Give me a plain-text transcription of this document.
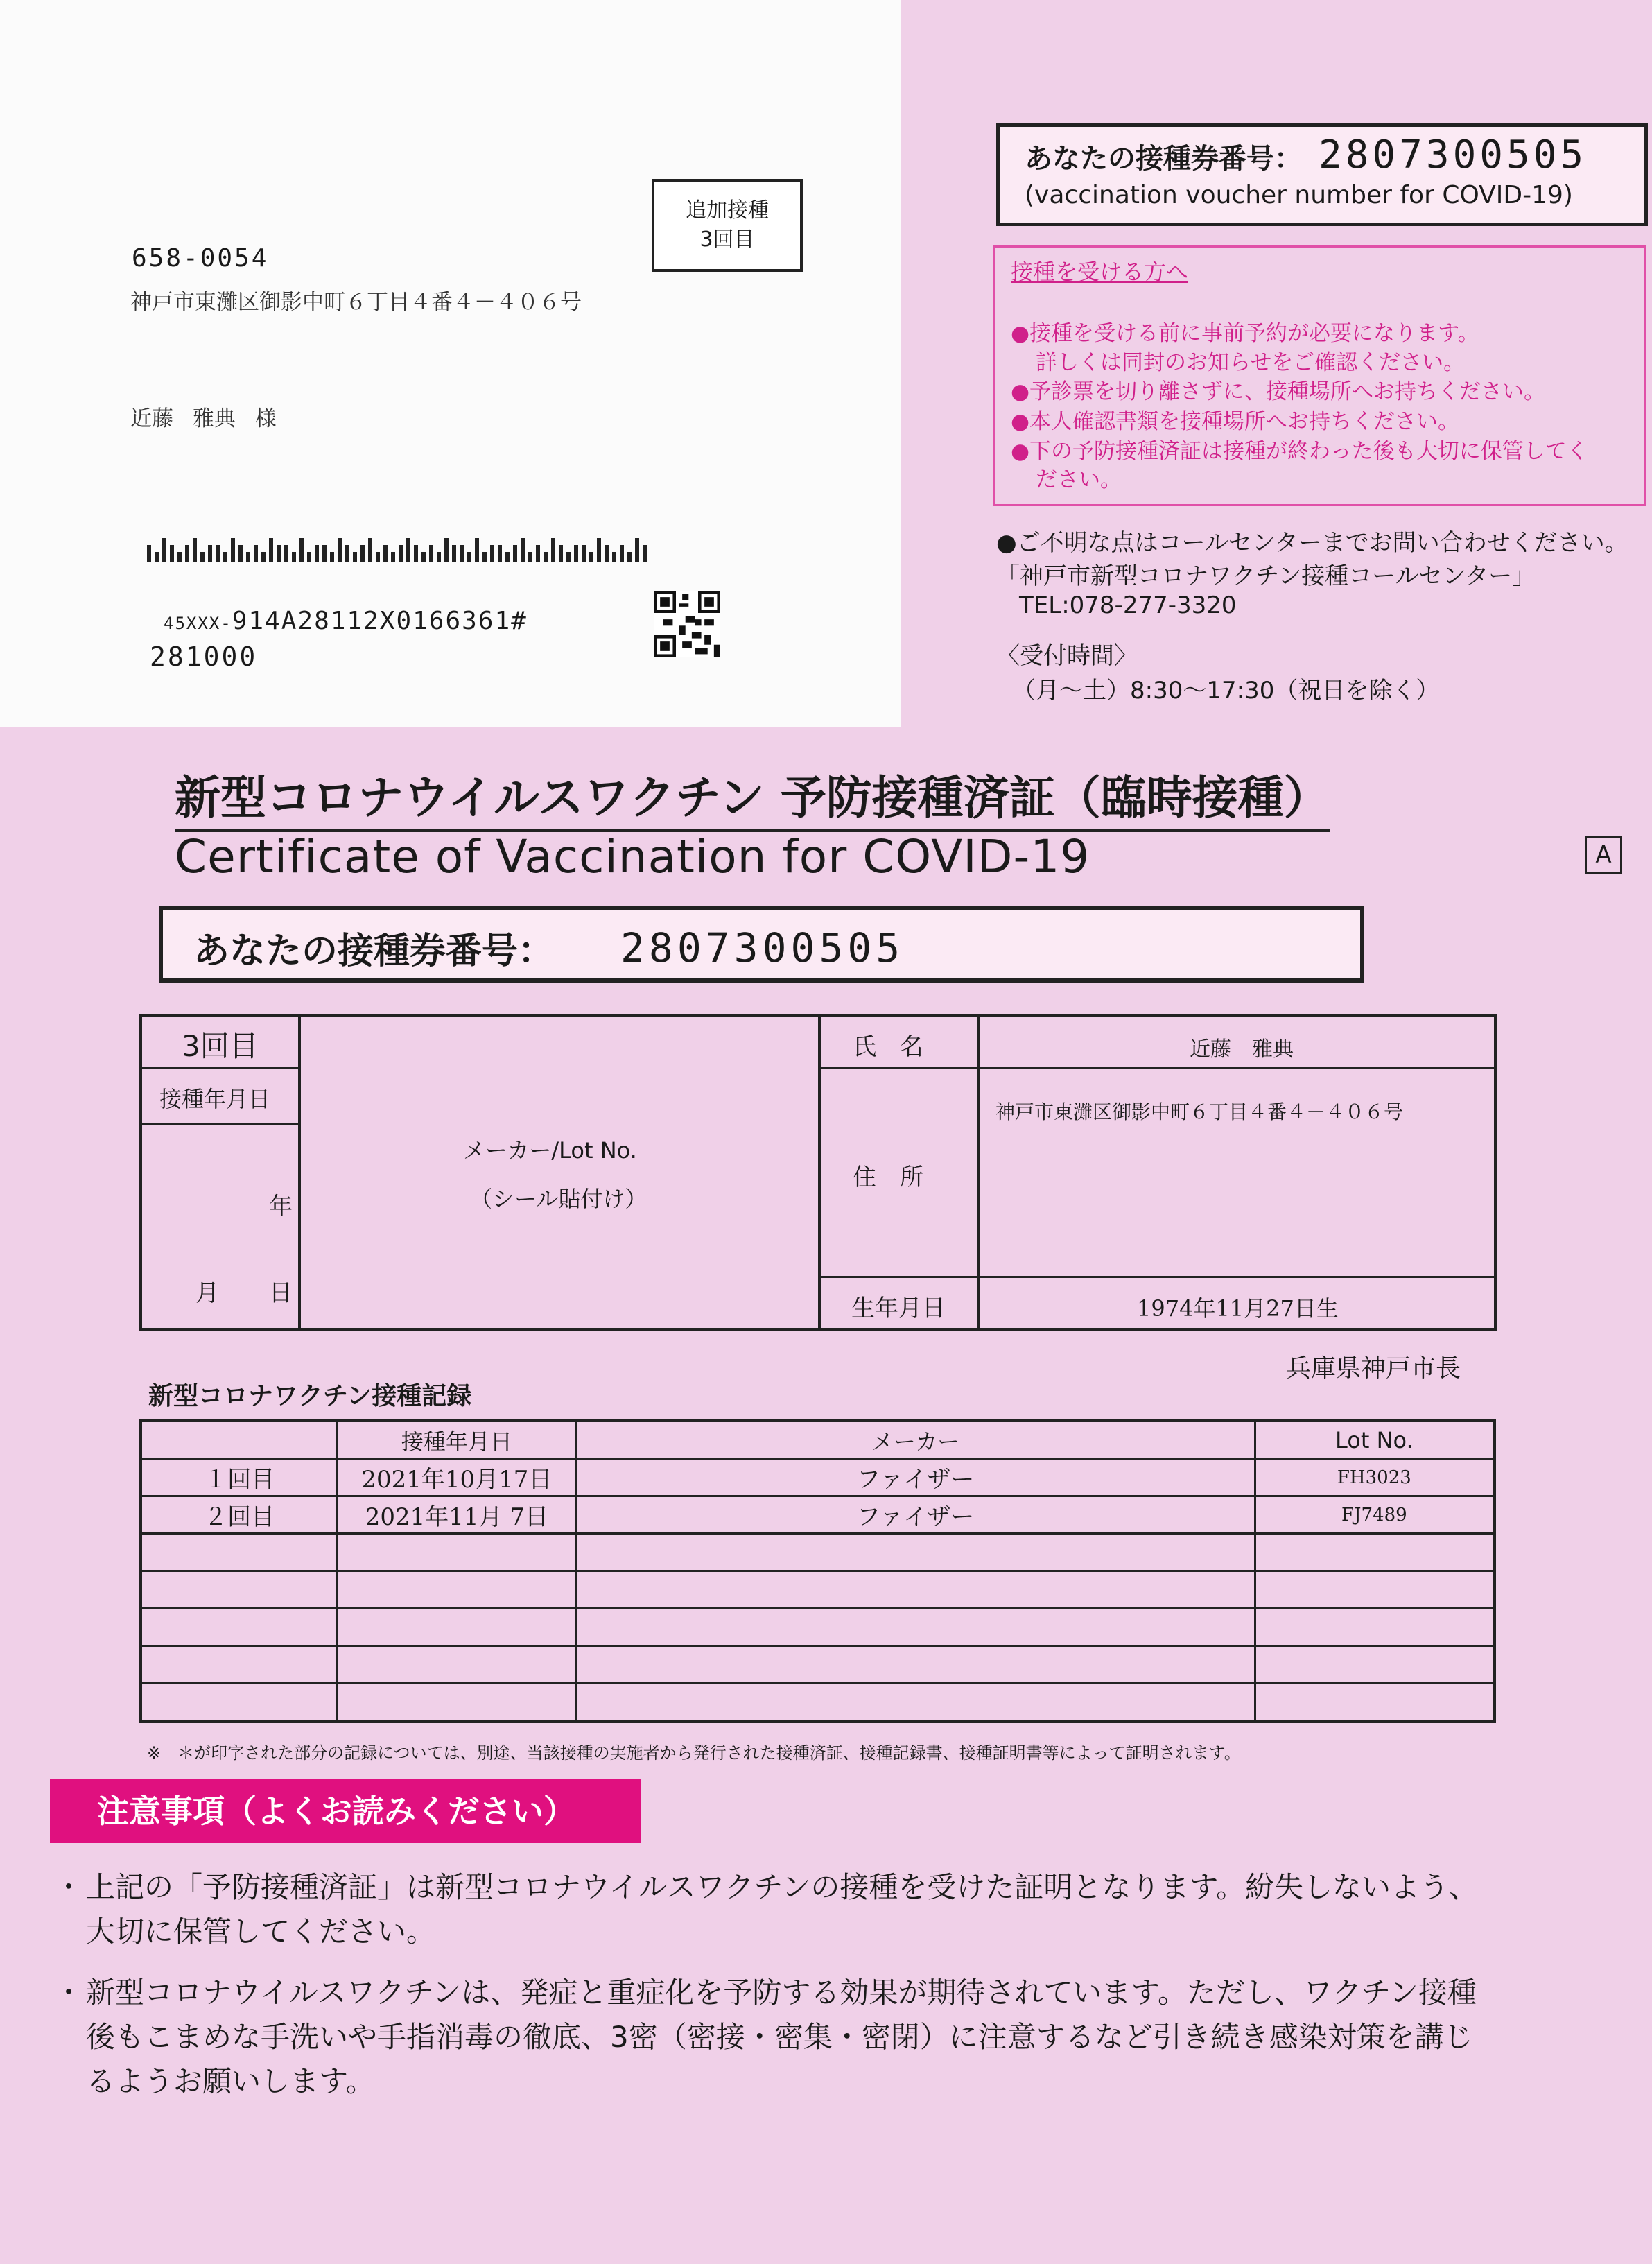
追加接種
3回目
658-0054
神戸市東灘区御影中町６丁目４番４－４０６号
近藤 雅典 様
45XXX-914A28112X0166361#
281000
あなたの接種券番号： 2807300505
(vaccination voucher number for COVID-19)
接種を受ける方へ
●接種を受ける前に事前予約が必要になります。
詳しくは同封のお知らせをご確認ください。
●予診票を切り離さずに、接種場所へお持ちください。
●本人確認書類を接種場所へお持ちください。
●下の予防接種済証は接種が終わった後も大切に保管してく
ださい。
●ご不明な点はコールセンターまでお問い合わせください。
「神戸市新型コロナワクチン接種コールセンター」
TEL:078-277-3320
〈受付時間〉
（月～土）8:30～17:30（祝日を除く）
新型コロナウイルスワクチン 予防接種済証（臨時接種）
Certificate of Vaccination for COVID-19	A
あなたの接種券番号： 2807300505
3回目
接種年月日
年
月 日
メーカー/Lot No.
（シール貼付け）
氏　名	近藤　雅典
住　所
神戸市東灘区御影中町６丁目４番４－４０６号
生年月日	1974年11月27日生
兵庫県神戸市長
新型コロナワクチン接種記録
	接種年月日	メーカー	Lot No.
１回目	2021年10月17日	ファイザー	FH3023
２回目	2021年11月 7日	ファイザー	FJ7489

※　＊が印字された部分の記録については、別途、当該接種の実施者から発行された接種済証、接種記録書、接種証明書等によって証明されます。
注意事項（よくお読みください）
・ 上記の「予防接種済証」は新型コロナウイルスワクチンの接種を受けた証明となります。紛失しないよう、
大切に保管してください。
・ 新型コロナウイルスワクチンは、発症と重症化を予防する効果が期待されています。ただし、ワクチン接種
後もこまめな手洗いや手指消毒の徹底、3密（密接・密集・密閉）に注意するなど引き続き感染対策を講じ
るようお願いします。
